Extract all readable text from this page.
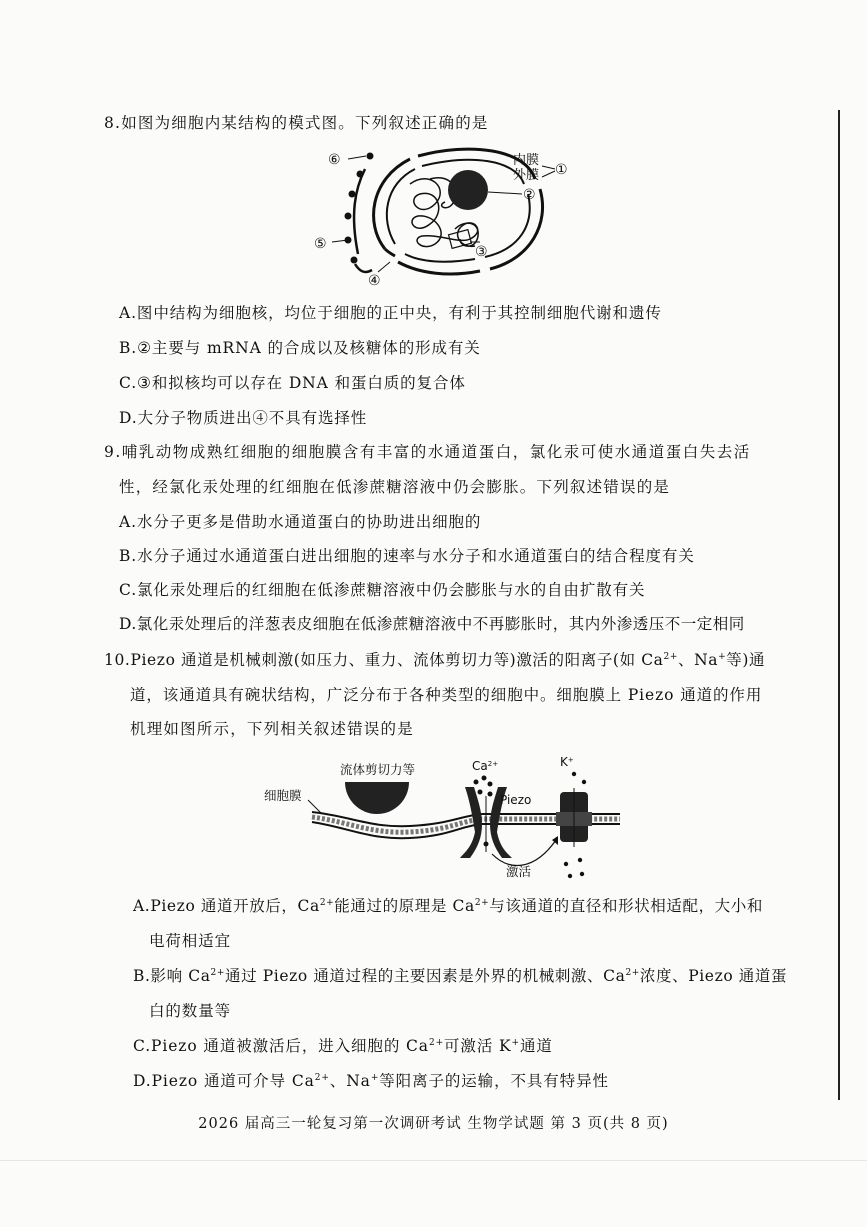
8.如图为细胞内某结构的模式图。下列叙述正确的是
内膜
外膜 ①
②
③
④
⑤
⑥
A.图中结构为细胞核，均位于细胞的正中央，有利于其控制细胞代谢和遗传
B.②主要与 mRNA 的合成以及核糖体的形成有关
C.③和拟核均可以存在 DNA 和蛋白质的复合体
D.大分子物质进出④不具有选择性
9.哺乳动物成熟红细胞的细胞膜含有丰富的水通道蛋白，氯化汞可使水通道蛋白失去活
性，经氯化汞处理的红细胞在低渗蔗糖溶液中仍会膨胀。下列叙述错误的是
A.水分子更多是借助水通道蛋白的协助进出细胞的
B.水分子通过水通道蛋白进出细胞的速率与水分子和水通道蛋白的结合程度有关
C.氯化汞处理后的红细胞在低渗蔗糖溶液中仍会膨胀与水的自由扩散有关
D.氯化汞处理后的洋葱表皮细胞在低渗蔗糖溶液中不再膨胀时，其内外渗透压不一定相同
10.Piezo 通道是机械刺激(如压力、重力、流体剪切力等)激活的阳离子(如 $Ca^{2+}$、Na+等)通
道，该通道具有碗状结构，广泛分布于各种类型的细胞中。细胞膜上 Piezo 通道的作用
机理如图所示，下列相关叙述错误的是
流体剪切力等
细胞膜
$Ca^{2+}$
Piezo
K+
激活
A.Piezo 通道开放后，$Ca^{2+}$能通过的原理是 $Ca^{2+}$与该通道的直径和形状相适配，大小和
电荷相适宜
B.影响 $Ca^{2+}$通过 Piezo 通道过程的主要因素是外界的机械刺激、$Ca^{2+}$浓度、Piezo 通道蛋
白的数量等
C.Piezo 通道被激活后，进入细胞的 $Ca^{2+}$可激活 K+通道
D.Piezo 通道可介导 $Ca^{2+}$、Na+等阳离子的运输，不具有特异性
2026 届高三一轮复习第一次调研考试 生物学试题 第 3 页(共 8 页)
